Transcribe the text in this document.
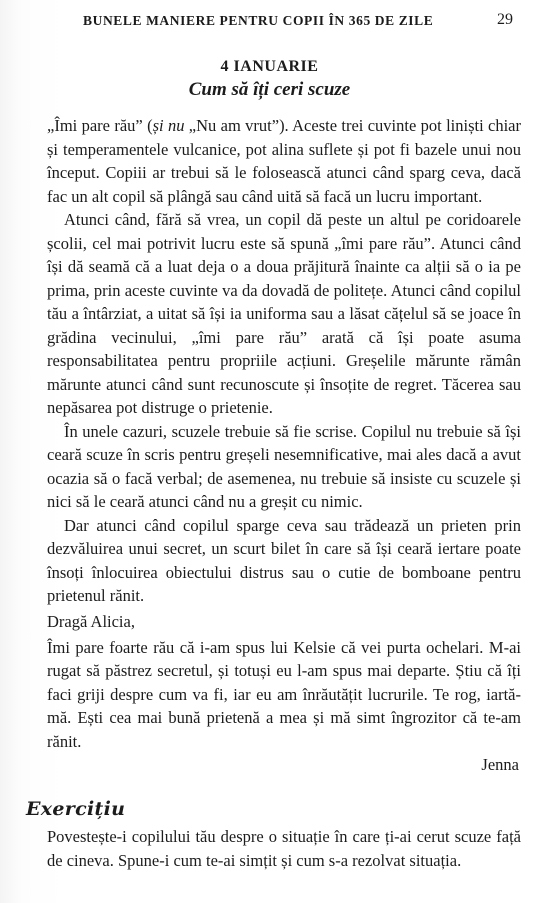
BUNELE MANIERE PENTRU COPII ÎN 365 DE ZILE	29
4 IANUARIE
Cum să îți ceri scuze

„Îmi pare rău” (și nu „Nu am vrut”). Aceste trei cuvinte pot liniști chiar și temperamentele vulcanice, pot alina suflete și pot fi bazele unui nou început. Copiii ar trebui să le folosească atunci când sparg ceva, dacă fac un alt copil să plângă sau când uită să facă un lucru important.

Atunci când, fără să vrea, un copil dă peste un altul pe coridoarele școlii, cel mai potrivit lucru este să spună „îmi pare rău”. Atunci când își dă seamă că a luat deja o a doua prăjitură înainte ca alții să o ia pe prima, prin aceste cuvinte va da dovadă de politețe. Atunci când copilul tău a întârziat, a uitat să își ia uniforma sau a lăsat cățelul să se joace în grădina vecinului, „îmi pare rău” arată că își poate asuma responsabilitatea pentru propriile acțiuni. Greșelile mărunte rămân mărunte atunci când sunt recunoscute și însoțite de regret. Tăcerea sau nepăsarea pot distruge o prietenie.

În unele cazuri, scuzele trebuie să fie scrise. Copilul nu trebuie să își ceară scuze în scris pentru greșeli nesemnificative, mai ales dacă a avut ocazia să o facă verbal; de asemenea, nu trebuie să insiste cu scuzele și nici să le ceară atunci când nu a greșit cu nimic.

Dar atunci când copilul sparge ceva sau trădează un prieten prin dezvăluirea unui secret, un scurt bilet în care să își ceară iertare poate însoți înlocuirea obiectului distrus sau o cutie de bomboane pentru prietenul rănit.

Dragă Alicia,

Îmi pare foarte rău că i-am spus lui Kelsie că vei purta ochelari. M-ai rugat să păstrez secretul, și totuși eu l-am spus mai departe. Știu că îți faci griji despre cum va fi, iar eu am înrăutățit lucrurile. Te rog, iartă-mă. Ești cea mai bună prietenă a mea și mă simt îngrozitor că te-am rănit.

Jenna

Exercițiu
Povestește-i copilului tău despre o situație în care ți-ai cerut scuze față de cineva. Spune-i cum te-ai simțit și cum s-a rezolvat situația.
